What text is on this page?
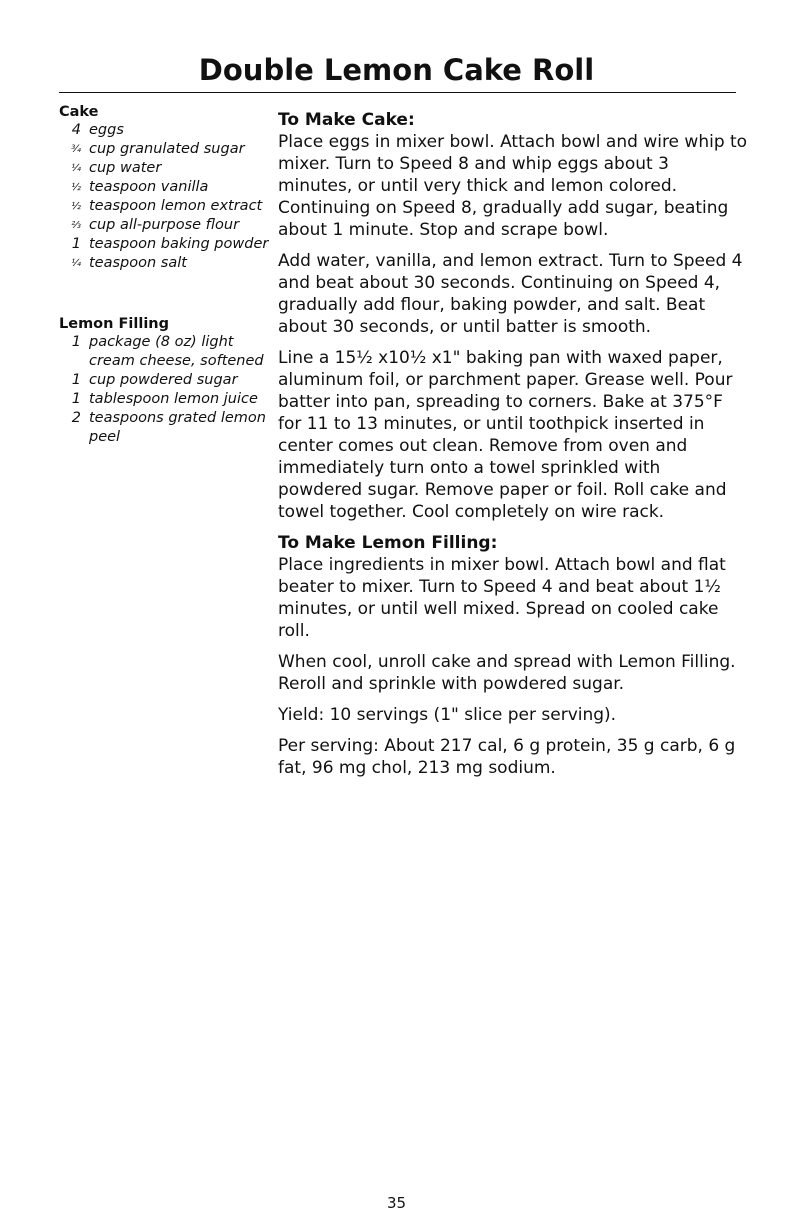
Double Lemon Cake Roll
Cake
4 eggs
¾ cup granulated sugar
¼ cup water
½ teaspoon vanilla
½ teaspoon lemon extract
⅔ cup all-purpose flour
1 teaspoon baking powder
¼ teaspoon salt
Lemon Filling
1 package (8 oz) light cream cheese, softened
1 cup powdered sugar
1 tablespoon lemon juice
2 teaspoons grated lemon peel
To Make Cake:

Place eggs in mixer bowl. Attach bowl and wire whip to mixer. Turn to Speed 8 and whip eggs about 3 minutes, or until very thick and lemon colored. Continuing on Speed 8, gradually add sugar, beating about 1 minute. Stop and scrape bowl.

Add water, vanilla, and lemon extract. Turn to Speed 4 and beat about 30 seconds. Continuing on Speed 4, gradually add flour, baking powder, and salt. Beat about 30 seconds, or until batter is smooth.

Line a 15½ x10½ x1" baking pan with waxed paper, aluminum foil, or parchment paper. Grease well. Pour batter into pan, spreading to corners. Bake at 375°F for 11 to 13 minutes, or until toothpick inserted in center comes out clean. Remove from oven and immediately turn onto a towel sprinkled with powdered sugar. Remove paper or foil. Roll cake and towel together. Cool completely on wire rack.

To Make Lemon Filling:

Place ingredients in mixer bowl. Attach bowl and flat beater to mixer. Turn to Speed 4 and beat about 1½ minutes, or until well mixed. Spread on cooled cake roll.

When cool, unroll cake and spread with Lemon Filling. Reroll and sprinkle with powdered sugar.

Yield: 10 servings (1" slice per serving).

Per serving: About 217 cal, 6 g protein, 35 g carb, 6 g fat, 96 mg chol, 213 mg sodium.

35
